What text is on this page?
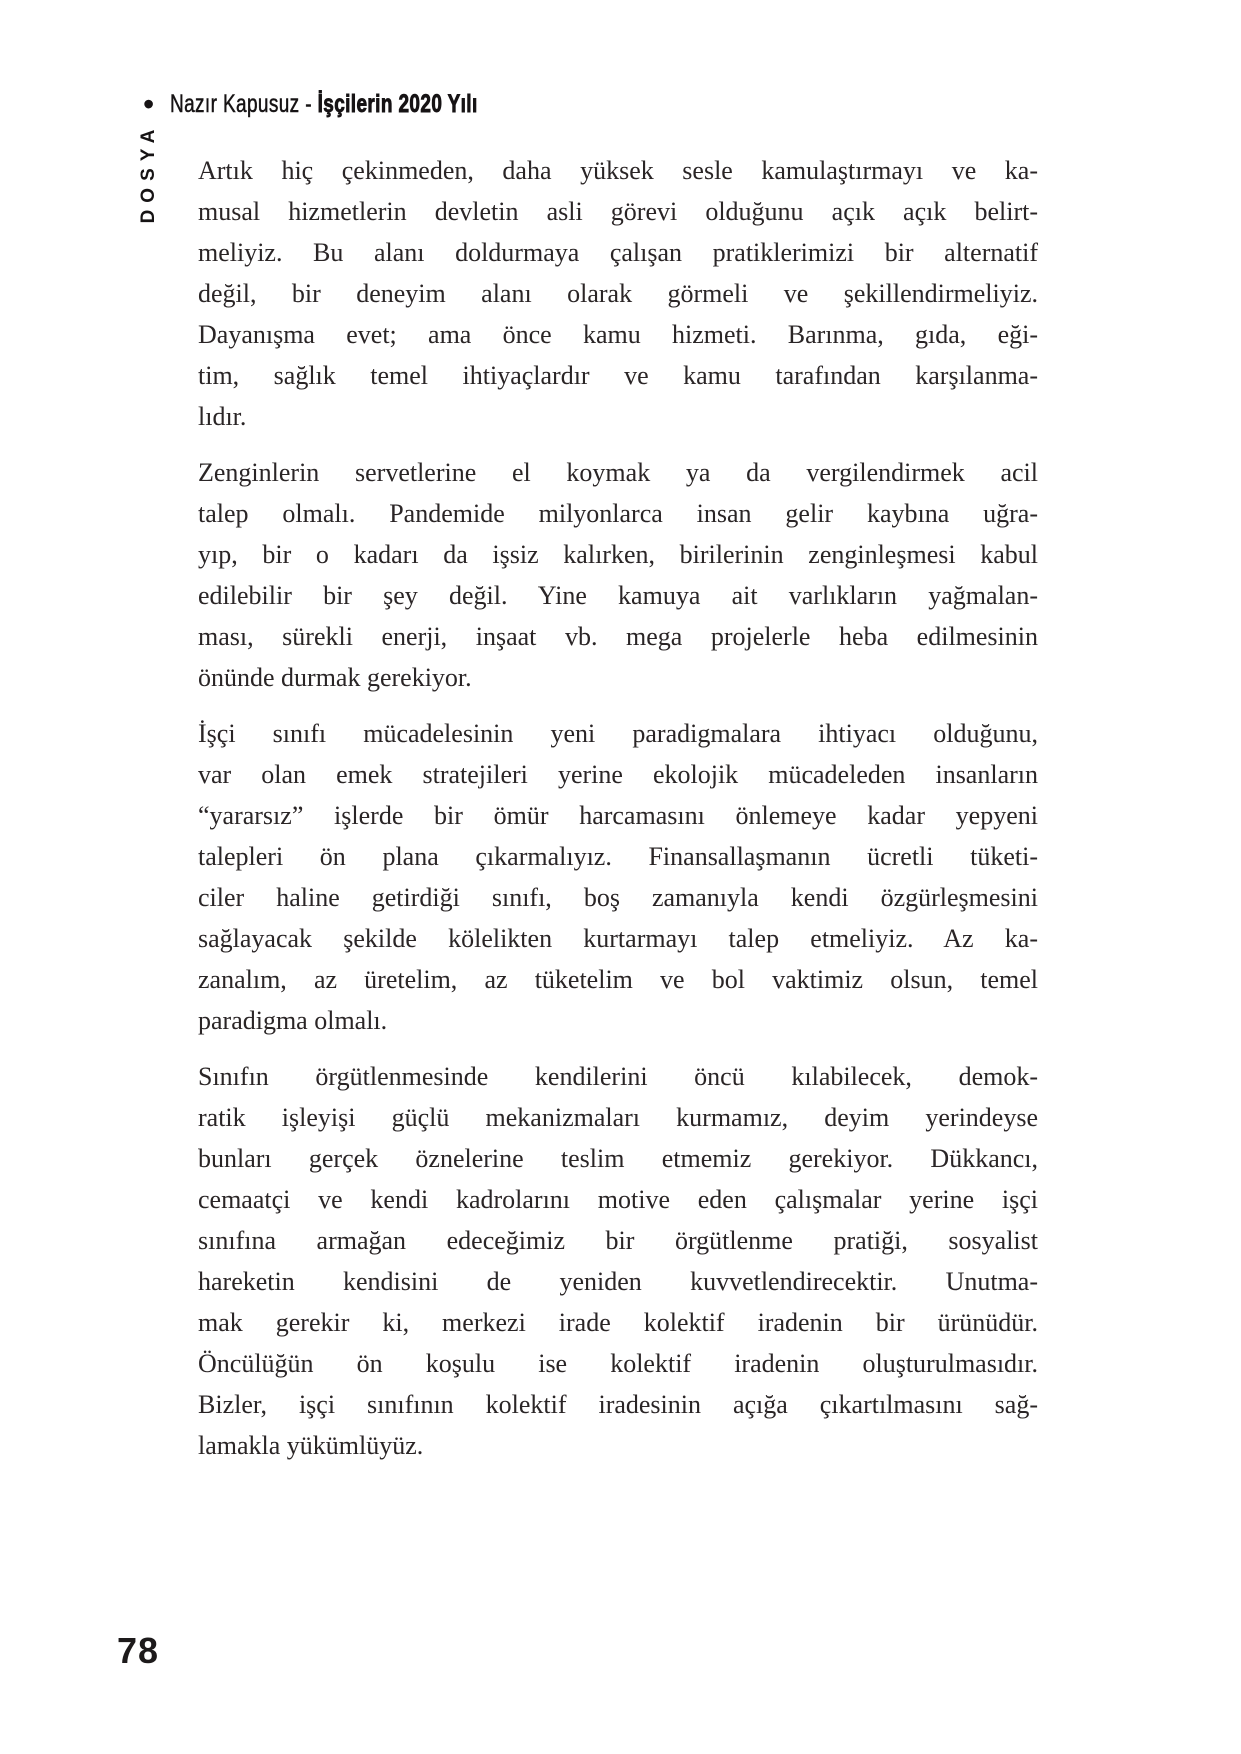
• Nazır Kapusuz - İşçilerin 2020 Yılı
DOSYA Artık hiç çekinmeden, daha yüksek sesle kamulaştırmayı ve ka-
musal hizmetlerin devletin asli görevi olduğunu açık açık belirt-
meliyiz. Bu alanı doldurmaya çalışan pratiklerimizi bir alternatif
değil, bir deneyim alanı olarak görmeli ve şekillendirmeliyiz.
Dayanışma evet; ama önce kamu hizmeti. Barınma, gıda, eği-
tim, sağlık temel ihtiyaçlardır ve kamu tarafından karşılanma-
lıdır.
Zenginlerin servetlerine el koymak ya da vergilendirmek acil
talep olmalı. Pandemide milyonlarca insan gelir kaybına uğra-
yıp, bir o kadarı da işsiz kalırken, birilerinin zenginleşmesi kabul
edilebilir bir şey değil. Yine kamuya ait varlıkların yağmalan-
ması, sürekli enerji, inşaat vb. mega projelerle heba edilmesinin
önünde durmak gerekiyor.
İşçi sınıfı mücadelesinin yeni paradigmalara ihtiyacı olduğunu,
var olan emek stratejileri yerine ekolojik mücadeleden insanların
“yararsız” işlerde bir ömür harcamasını önlemeye kadar yepyeni
talepleri ön plana çıkarmalıyız. Finansallaşmanın ücretli tüketi-
ciler haline getirdiği sınıfı, boş zamanıyla kendi özgürleşmesini
sağlayacak şekilde kölelikten kurtarmayı talep etmeliyiz. Az ka-
zanalım, az üretelim, az tüketelim ve bol vaktimiz olsun, temel
paradigma olmalı.
Sınıfın örgütlenmesinde kendilerini öncü kılabilecek, demok-
ratik işleyişi güçlü mekanizmaları kurmamız, deyim yerindeyse
bunları gerçek öznelerine teslim etmemiz gerekiyor. Dükkancı,
cemaatçi ve kendi kadrolarını motive eden çalışmalar yerine işçi
sınıfına armağan edeceğimiz bir örgütlenme pratiği, sosyalist
hareketin kendisini de yeniden kuvvetlendirecektir. Unutma-
mak gerekir ki, merkezi irade kolektif iradenin bir ürünüdür.
Öncülüğün ön koşulu ise kolektif iradenin oluşturulmasıdır.
Bizler, işçi sınıfının kolektif iradesinin açığa çıkartılmasını sağ-
lamakla yükümlüyüz.
78
